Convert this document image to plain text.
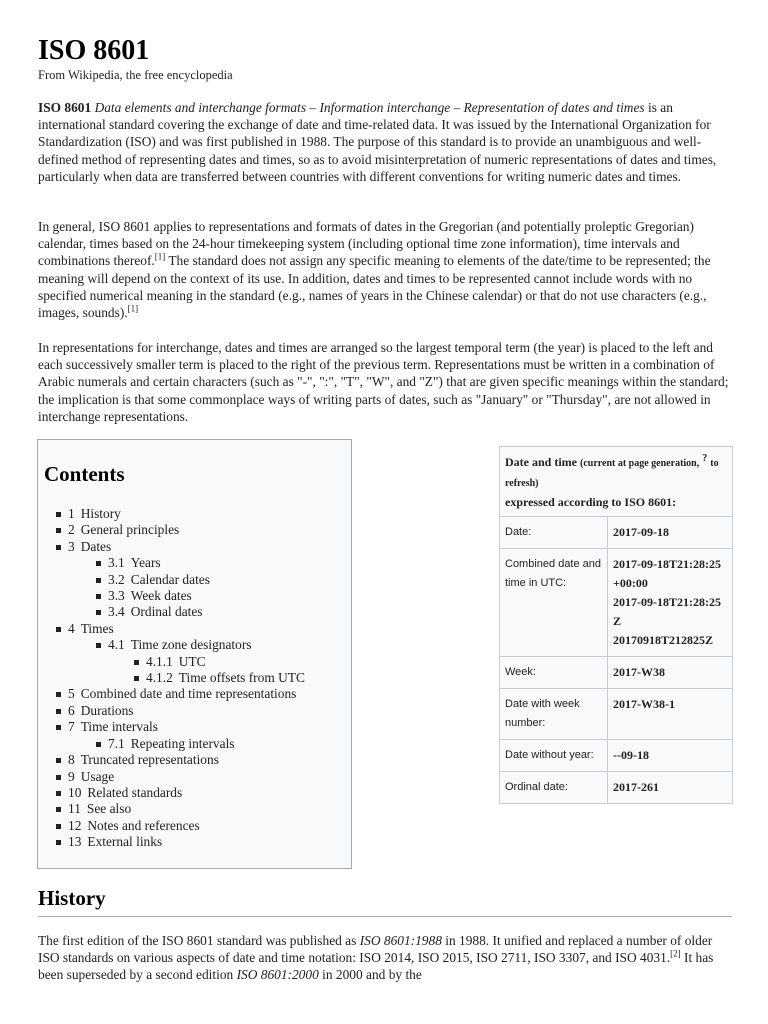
ISO 8601
From Wikipedia, the free encyclopedia

ISO 8601 Data elements and interchange formats – Information interchange – Representation of dates and times is an international standard covering the exchange of date and time-related data. It was issued by the International Organization for Standardization (ISO) and was first published in 1988. The purpose of this standard is to provide an unambiguous and well-defined method of representing dates and times, so as to avoid misinterpretation of numeric representations of dates and times, particularly when data are transferred between countries with different conventions for writing numeric dates and times.

In general, ISO 8601 applies to representations and formats of dates in the Gregorian (and potentially proleptic Gregorian) calendar, times based on the 24-hour timekeeping system (including optional time zone information), time intervals and combinations thereof.[1] The standard does not assign any specific meaning to elements of the date/time to be represented; the meaning will depend on the context of its use. In addition, dates and times to be represented cannot include words with no specified numerical meaning in the standard (e.g., names of years in the Chinese calendar) or that do not use characters (e.g., images, sounds).[1]

In representations for interchange, dates and times are arranged so the largest temporal term (the year) is placed to the left and each successively smaller term is placed to the right of the previous term. Representations must be written in a combination of Arabic numerals and certain characters (such as "-", ":", "T", "W", and "Z") that are given specific meanings within the standard; the implication is that some commonplace ways of writing parts of dates, such as "January" or "Thursday", are not allowed in interchange representations.

Contents
1 History
2 General principles
3 Dates
3.1 Years
3.2 Calendar dates
3.3 Week dates
3.4 Ordinal dates
4 Times
4.1 Time zone designators
4.1.1 UTC
4.1.2 Time offsets from UTC
5 Combined date and time representations
6 Durations
7 Time intervals
7.1 Repeating intervals
8 Truncated representations
9 Usage
10 Related standards
11 See also
12 Notes and references
13 External links
Date and time (current at page generation, ? to refresh)
expressed according to ISO 8601:	
Date:	2017-09-18
Combined date and time in UTC:	2017-09-18T21:28:25+00:00
2017-09-18T21:28:25Z
20170918T212825Z

Week:	2017-W38
Date with week number:	2017-W38-1
Date without year:	--09-18
Ordinal date:	2017-261
History

The first edition of the ISO 8601 standard was published as ISO 8601:1988 in 1988. It unified and replaced a number of older ISO standards on various aspects of date and time notation: ISO 2014, ISO 2015, ISO 2711, ISO 3307, and ISO 4031.[2] It has been superseded by a second edition ISO 8601:2000 in 2000 and by the
